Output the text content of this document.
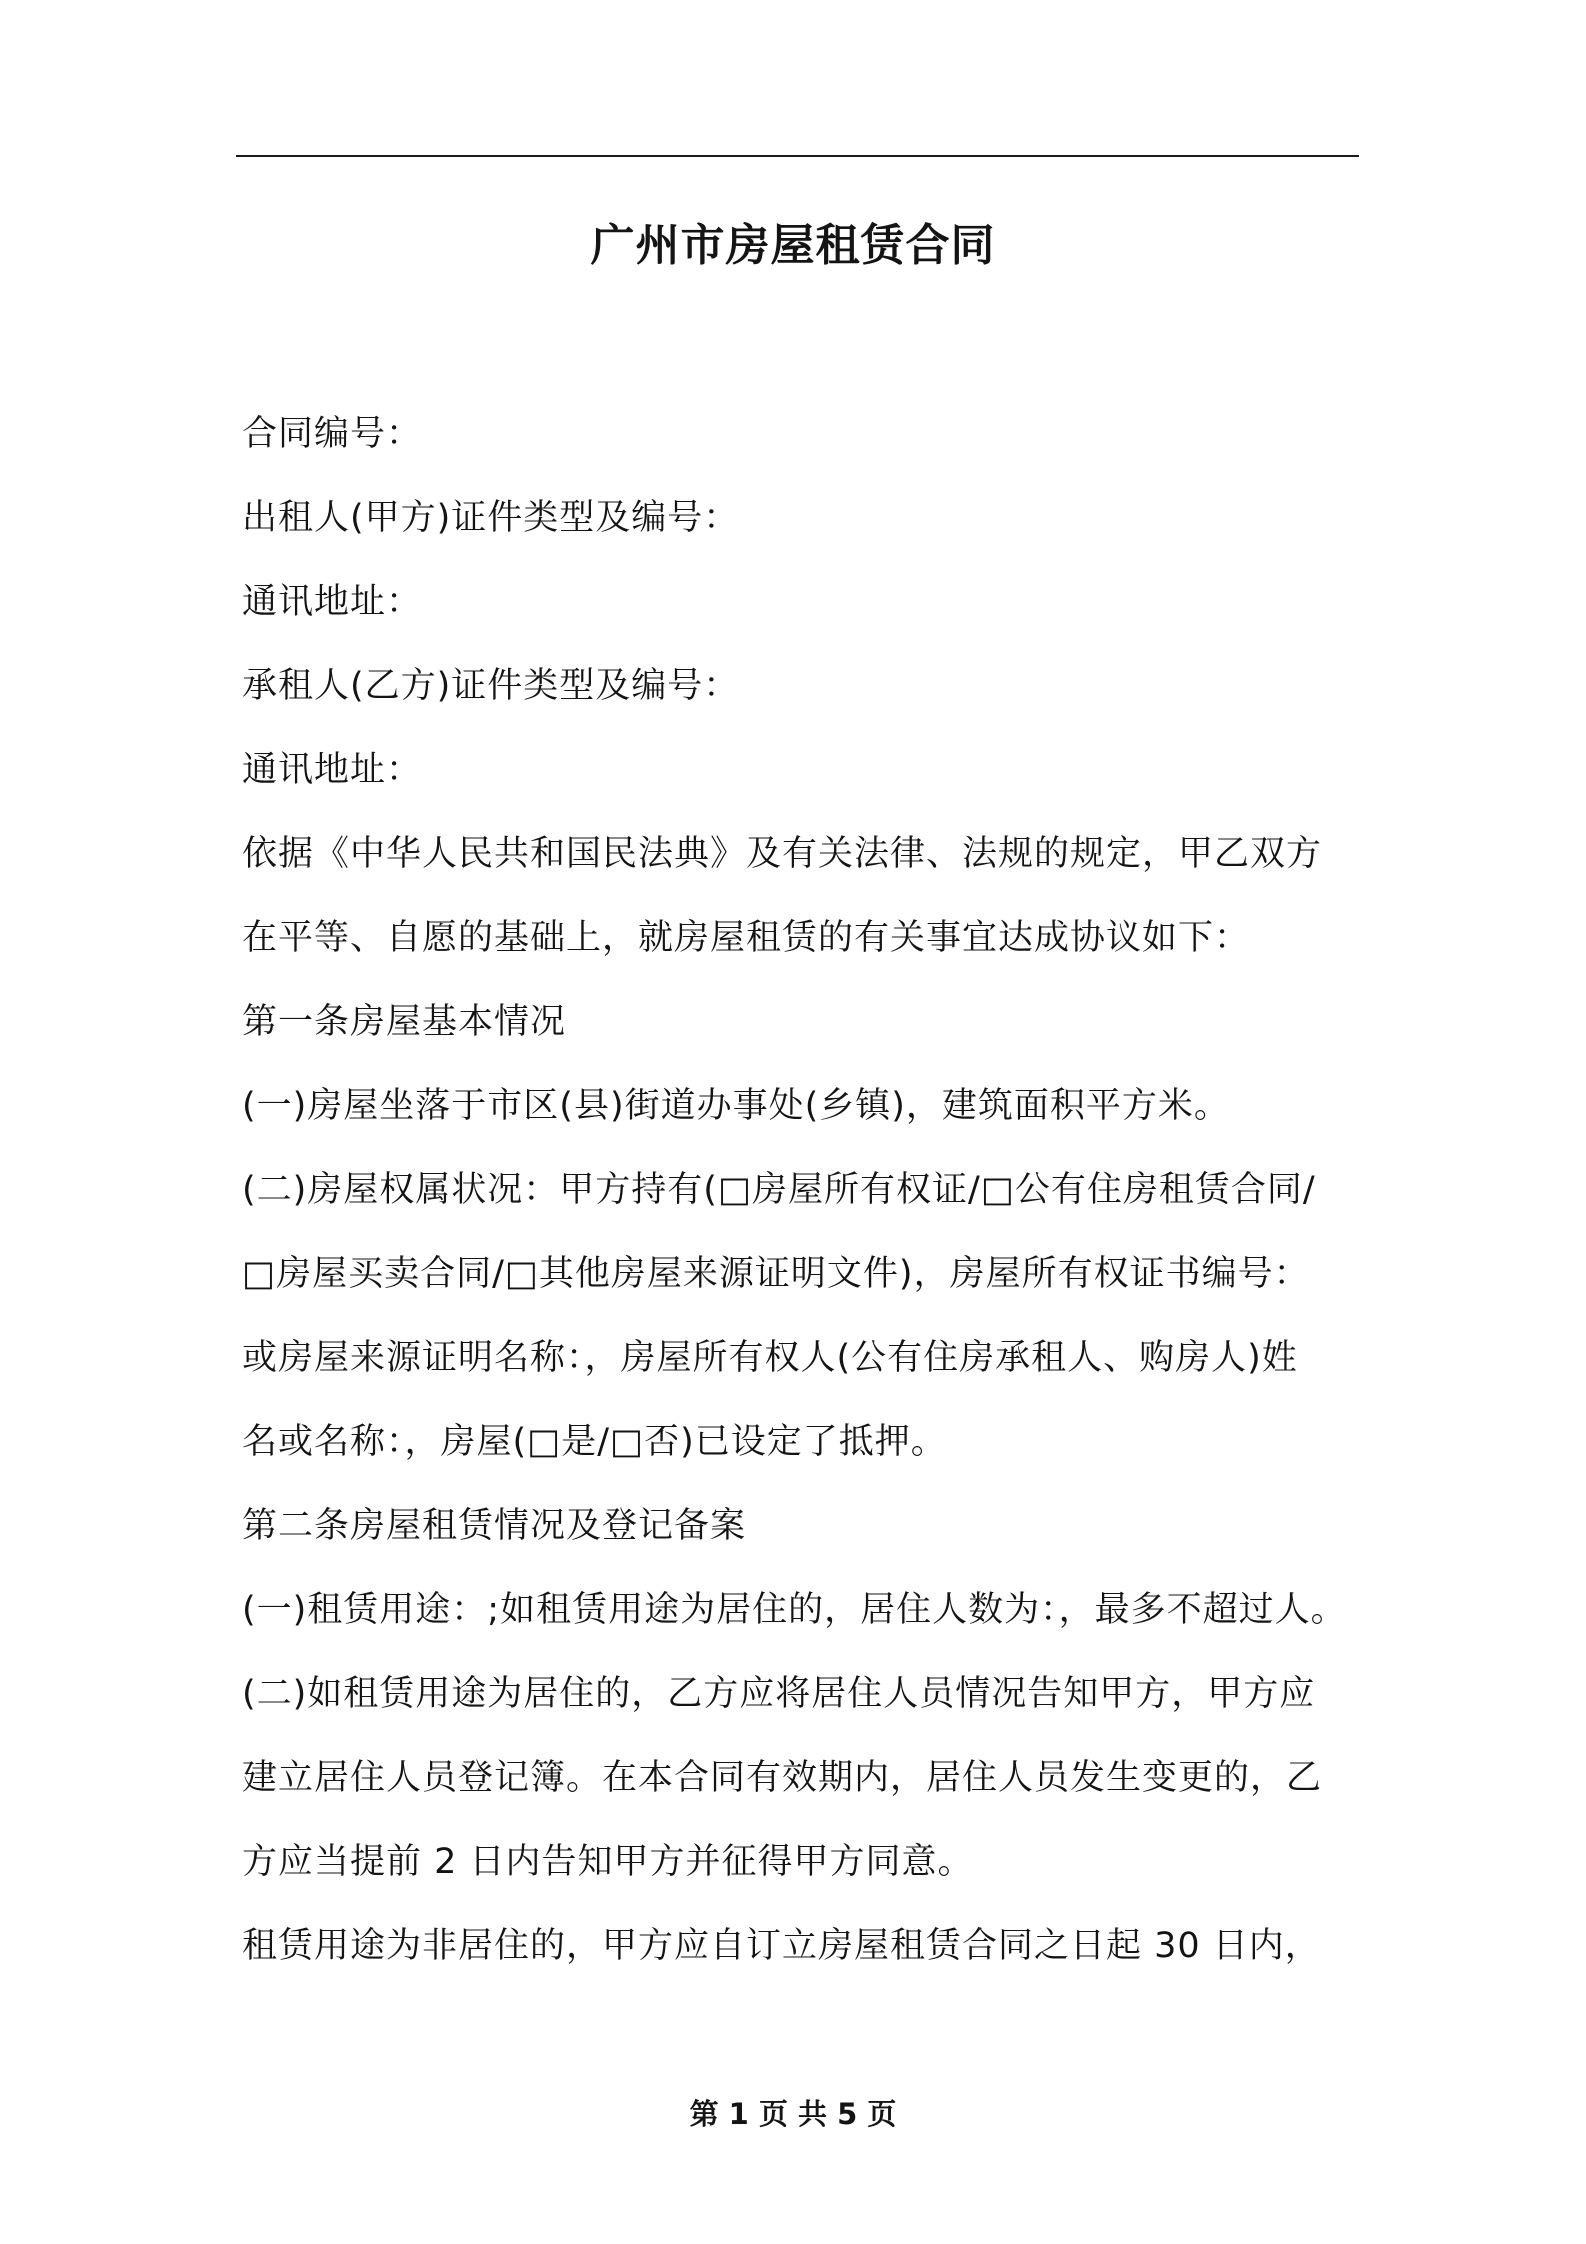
广州市房屋租赁合同
合同编号：
出租人(甲方)证件类型及编号：
通讯地址：
承租人(乙方)证件类型及编号：
通讯地址：
依据《中华人民共和国民法典》及有关法律、法规的规定，甲乙双方
在平等、自愿的基础上，就房屋租赁的有关事宜达成协议如下：
第一条房屋基本情况
(一)房屋坐落于市区(县)街道办事处(乡镇)，建筑面积平方米。
(二)房屋权属状况：甲方持有(□房屋所有权证/□公有住房租赁合同/
□房屋买卖合同/□其他房屋来源证明文件)，房屋所有权证书编号：
或房屋来源证明名称：，房屋所有权人(公有住房承租人、购房人)姓
名或名称：，房屋(□是/□否)已设定了抵押。
第二条房屋租赁情况及登记备案
(一)租赁用途：;如租赁用途为居住的，居住人数为：，最多不超过人。
(二)如租赁用途为居住的，乙方应将居住人员情况告知甲方，甲方应
建立居住人员登记簿。在本合同有效期内，居住人员发生变更的，乙
方应当提前 2 日内告知甲方并征得甲方同意。
租赁用途为非居住的，甲方应自订立房屋租赁合同之日起 30 日内，
第 1 页 共 5 页
